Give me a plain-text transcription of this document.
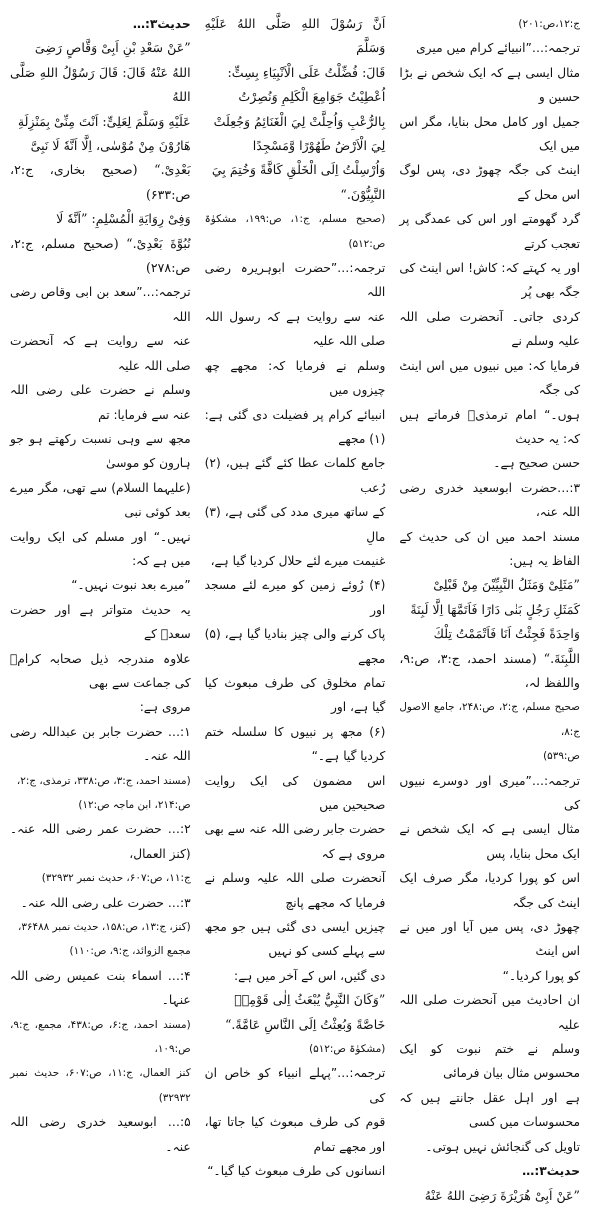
ج:۱۲،ص:۲۰۱)

ترجمہ:…”انبیائے کرام میں میری

مثال ایسی ہے کہ ایک شخص نے بڑا حسین و

جمیل اور کامل محل بنایا، مگر اس میں ایک

اینٹ کی جگہ چھوڑ دی، پس لوگ اس محل کے

گرد گھومتے اور اس کی عمدگی پر تعجب کرتے

اور یہ کہتے کہ: کاش! اس اینٹ کی جگہ بھی پُر

کردی جاتی۔ آنحضرت صلی اللہ علیہ وسلم نے

فرمایا کہ: میں نبیوں میں اس اینٹ کی جگہ

ہوں۔“ امام ترمذیؒ فرماتے ہیں کہ: یہ حدیث

حسن صحیح ہے۔

۳:…حضرت ابوسعید خدری رضی اللہ عنہ،

مسند احمد میں ان کی حدیث کے الفاظ یہ ہیں:

”مَثَلِیْ وَمَثَلُ النَّبِیِّیْنَ مِنْ قَبْلِیْ

کَمَثَلِ رَجُلٍ بَنٰی دَارًا فَاَتَمَّهَا اِلَّا لَبِنَةً

وَاحِدَةً فَجِئْتُ اَنَا فَاَتْمَمْتُ تِلْكَ

اللَّبِنَةَ.“ (مسند احمد، ج:۳، ص:۹، واللفظ لہ،

صحیح مسلم، ج:۲، ص:۲۴۸، جامع الاصول ج:۸،

ص:۵۳۹)

ترجمہ:…”میری اور دوسرے نبیوں کی

مثال ایسی ہے کہ ایک شخص نے ایک محل بنایا، پس

اس کو پورا کردیا، مگر صرف ایک اینٹ کی جگہ

چھوڑ دی، پس میں آیا اور میں نے اس اینٹ

کو پورا کردیا۔“

ان احادیث میں آنحضرت صلی اللہ علیہ

وسلم نے ختم نبوت کو ایک محسوس مثال بیان فرمائی

ہے اور اہل عقل جانتے ہیں کہ محسوسات میں کسی

تاویل کی گنجائش نہیں ہوتی۔

حدیث۳:…

”عَنْ اَبِیْ هُرَیْرَةَ رَضِیَ اللهُ عَنْهُ

اَنَّ رَسُوْلَ اللهِ صَلَّى اللهُ عَلَيْهِ وَسَلَّمَ

قَالَ: فُضِّلْتُ عَلَى الْاَنْبِيَاءِ بِسِتٍّ:

اُعْطِيْتُ جَوَامِعَ الْكَلِمِ وَنُصِرْتُ

بِالرُّعْبِ وَاُحِلَّتْ لِيَ الْغَنَائِمُ وَجُعِلَتْ

لِيَ الْاَرْضُ طَهُوْرًا وَّمَسْجِدًا

وَاُرْسِلْتُ اِلَى الْخَلْقِ كَافَّةً وَخُتِمَ بِيَ

النَّبِيُّوْنَ.“

(صحیح مسلم، ج:۱، ص:۱۹۹، مشکوٰۃ ص:۵۱۲)

ترجمہ:…”حضرت ابوہریرہ رضی اللہ

عنہ سے روایت ہے کہ رسول اللہ صلی اللہ علیہ

وسلم نے فرمایا کہ: مجھے چھ چیزوں میں

انبیائے کرام پر فضیلت دی گئی ہے: (۱) مجھے

جامع کلمات عطا کئے گئے ہیں، (۲) رُعب

کے ساتھ میری مدد کی گئی ہے، (۳) مالِ

غنیمت میرے لئے حلال کردیا گیا ہے،

(۴) رُوئے زمین کو میرے لئے مسجد اور

پاک کرنے والی چیز بنادیا گیا ہے، (۵) مجھے

تمام مخلوق کی طرف مبعوث کیا گیا ہے، اور

(۶) مجھ پر نبیوں کا سلسلہ ختم کردیا گیا ہے۔“

اس مضمون کی ایک روایت صحیحین میں

حضرت جابر رضی اللہ عنہ سے بھی مروی ہے کہ

آنحضرت صلی اللہ علیہ وسلم نے فرمایا کہ مجھے پانچ

چیزیں ایسی دی گئی ہیں جو مجھ سے پہلے کسی کو نہیں

دی گئیں، اس کے آخر میں ہے:

”وَكَانَ النَّبِيُّ يُبْعَثُ اِلٰى قَوْمِهٖ

خَاصَّةً وَبُعِثْتُ اِلَى النَّاسِ عَامَّةً.“

(مشکوٰۃ ص:۵۱۲)

ترجمہ:…”پہلے انبیاء کو خاص ان کی

قوم کی طرف مبعوث کیا جاتا تھا، اور مجھے تمام

انسانوں کی طرف مبعوث کیا گیا۔“

حدیث۳:…

”عَنْ سَعْدِ بْنِ اَبِیْ وَقَّاصٍ رَضِیَ

اللهُ عَنْهُ قَالَ: قَالَ رَسُوْلُ اللهِ صَلَّى اللهُ

عَلَيْهِ وَسَلَّمَ لِعَلِیٍّ: اَنْتَ مِنِّیْ بِمَنْزِلَةِ

هَارُوْنَ مِنْ مُوْسٰی، اِلَّا اَنَّهٗ لَا نَبِیَّ

بَعْدِیْ.“ (صحیح بخاری، ج:۲، ص:۶۳۳)

وَفِیْ رِوَايَةِ الْمُسْلِمِ: ”اَنَّهٗ لَا

نُبُوَّةَ بَعْدِیْ.“ (صحیح مسلم، ج:۲، ص:۲۷۸)

ترجمہ:…”سعد بن ابی وقاص رضی اللہ

عنہ سے روایت ہے کہ آنحضرت صلی اللہ علیہ

وسلم نے حضرت علی رضی اللہ عنہ سے فرمایا: تم

مجھ سے وہی نسبت رکھتے ہو جو ہارون کو موسیٰ

(علیہما السلام) سے تھی، مگر میرے بعد کوئی نبی

نہیں۔“ اور مسلم کی ایک روایت میں ہے کہ:

”میرے بعد نبوت نہیں۔“

یہ حدیث متواتر ہے اور حضرت سعدؓ کے

علاوہ مندرجہ ذیل صحابہ کرامؓ کی جماعت سے بھی

مروی ہے:

۱:… حضرت جابر بن عبداللہ رضی اللہ عنہ۔

(مسند احمد، ج:۳، ص:۳۳۸، ترمذی، ج:۲،

ص:۲۱۴، ابن ماجہ ص:۱۲)

۲:… حضرت عمر رضی اللہ عنہ۔ (کنز العمال،

ج:۱۱، ص:۶۰۷، حدیث نمبر ۳۲۹۳۲)

۳:… حضرت علی رضی اللہ عنہ۔

(کنز، ج:۱۳، ص:۱۵۸، حدیث نمبر ۳۶۴۸۸،

مجمع الزوائد، ج:۹، ص:۱۱۰)

۴:… اسماء بنت عمیس رضی اللہ عنہا۔

(مسند احمد، ج:۶، ص:۴۳۸، مجمع، ج:۹، ص:۱۰۹،

کنز العمال، ج:۱۱، ص:۶۰۷، حدیث نمبر ۳۲۹۳۲)

۵:… ابوسعید خدری رضی اللہ عنہ۔
